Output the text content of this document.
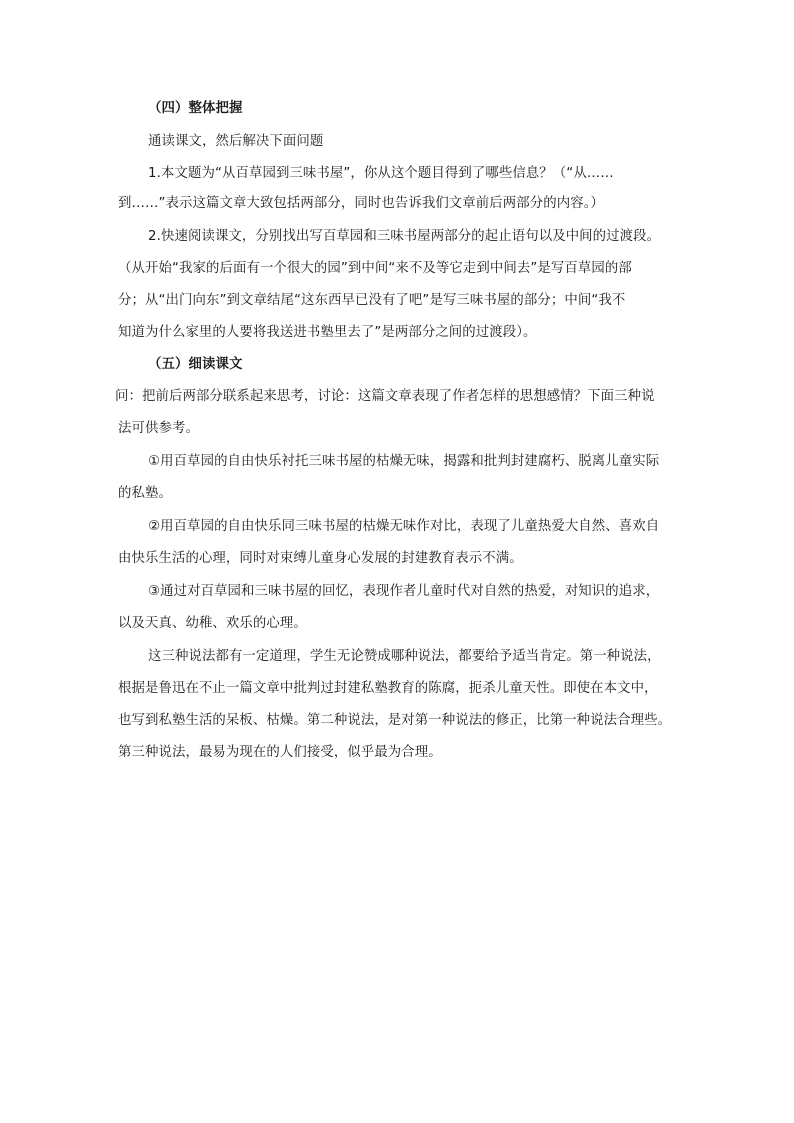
（四）整体把握
通读课文，然后解决下面问题
1.本文题为“从百草园到三味书屋”，你从这个题目得到了哪些信息？（“从……
到……”表示这篇文章大致包括两部分，同时也告诉我们文章前后两部分的内容。）
2.快速阅读课文，分别找出写百草园和三味书屋两部分的起止语句以及中间的过渡段。
（从开始“我家的后面有一个很大的园”到中间“来不及等它走到中间去”是写百草园的部
分；从“出门向东”到文章结尾“这东西早已没有了吧”是写三味书屋的部分；中间“我不
知道为什么家里的人要将我送进书塾里去了”是两部分之间的过渡段）。
（五）细读课文
问：把前后两部分联系起来思考，讨论：这篇文章表现了作者怎样的思想感情？下面三种说
法可供参考。
①用百草园的自由快乐衬托三味书屋的枯燥无味，揭露和批判封建腐朽、脱离儿童实际
的私塾。
②用百草园的自由快乐同三味书屋的枯燥无味作对比，表现了儿童热爱大自然、喜欢自
由快乐生活的心理，同时对束缚儿童身心发展的封建教育表示不满。
③通过对百草园和三味书屋的回忆，表现作者儿童时代对自然的热爱，对知识的追求，
以及天真、幼稚、欢乐的心理。
这三种说法都有一定道理，学生无论赞成哪种说法，都要给予适当肯定。第一种说法，
根据是鲁迅在不止一篇文章中批判过封建私塾教育的陈腐，扼杀儿童天性。即使在本文中，
也写到私塾生活的呆板、枯燥。第二种说法，是对第一种说法的修正，比第一种说法合理些。
第三种说法，最易为现在的人们接受，似乎最为合理。
